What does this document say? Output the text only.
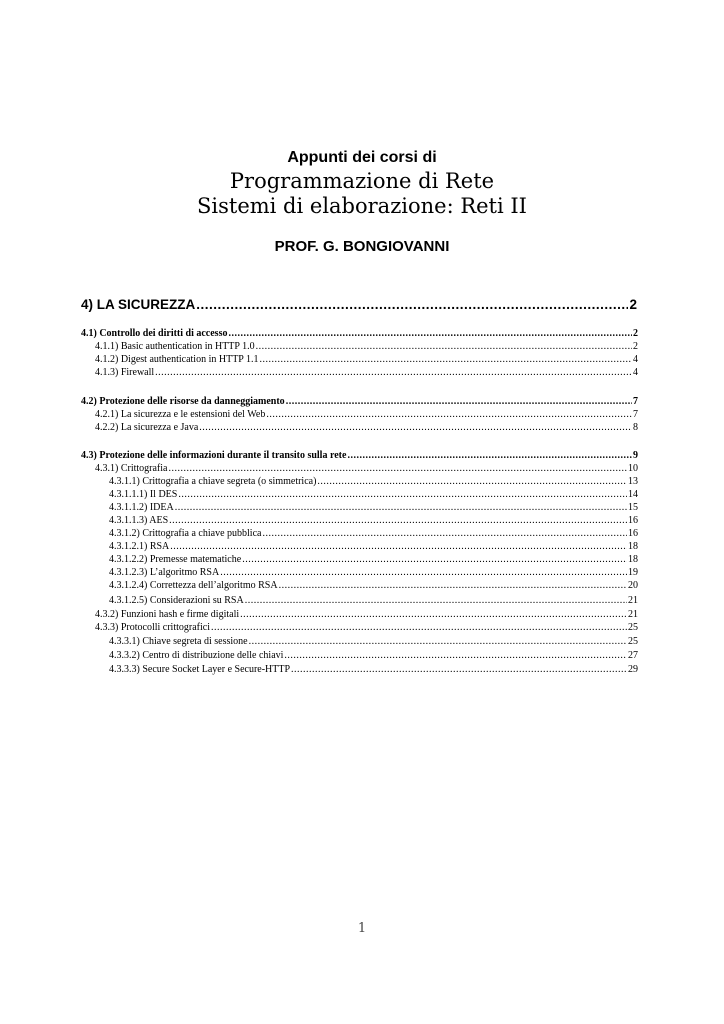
Appunti dei corsi di
Programmazione di Rete
Sistemi di elaborazione: Reti II
PROF. G. BONGIOVANNI
4) LA SICUREZZA .....	2
4.1) Controllo dei diritti di accesso .....	2
4.1.1) Basic authentication in HTTP 1.0 .....	2
4.1.2) Digest authentication in HTTP 1.1 .....	4
4.1.3) Firewall .....	4
4.2) Protezione delle risorse da danneggiamento .....	7
4.2.1) La sicurezza e le estensioni del Web .....	7
4.2.2) La sicurezza e Java .....	8
4.3) Protezione delle informazioni durante il transito sulla rete .....	9
4.3.1) Crittografia .....	10
4.3.1.1) Crittografia a chiave segreta (o simmetrica) .....	13
4.3.1.1.1) Il DES .....	14
4.3.1.1.2) IDEA .....	15
4.3.1.1.3) AES .....	16
4.3.1.2) Crittografia a chiave pubblica .....	16
4.3.1.2.1) RSA .....	18
4.3.1.2.2) Premesse matematiche .....	18
4.3.1.2.3) L’algoritmo RSA .....	19
4.3.1.2.4) Correttezza dell’algoritmo RSA .....	20
4.3.1.2.5) Considerazioni su RSA .....	21
4.3.2) Funzioni hash e firme digitali .....	21
4.3.3) Protocolli crittografici .....	25
4.3.3.1) Chiave segreta di sessione .....	25
4.3.3.2) Centro di distribuzione delle chiavi .....	27
4.3.3.3) Secure Socket Layer e Secure-HTTP .....	29
1
